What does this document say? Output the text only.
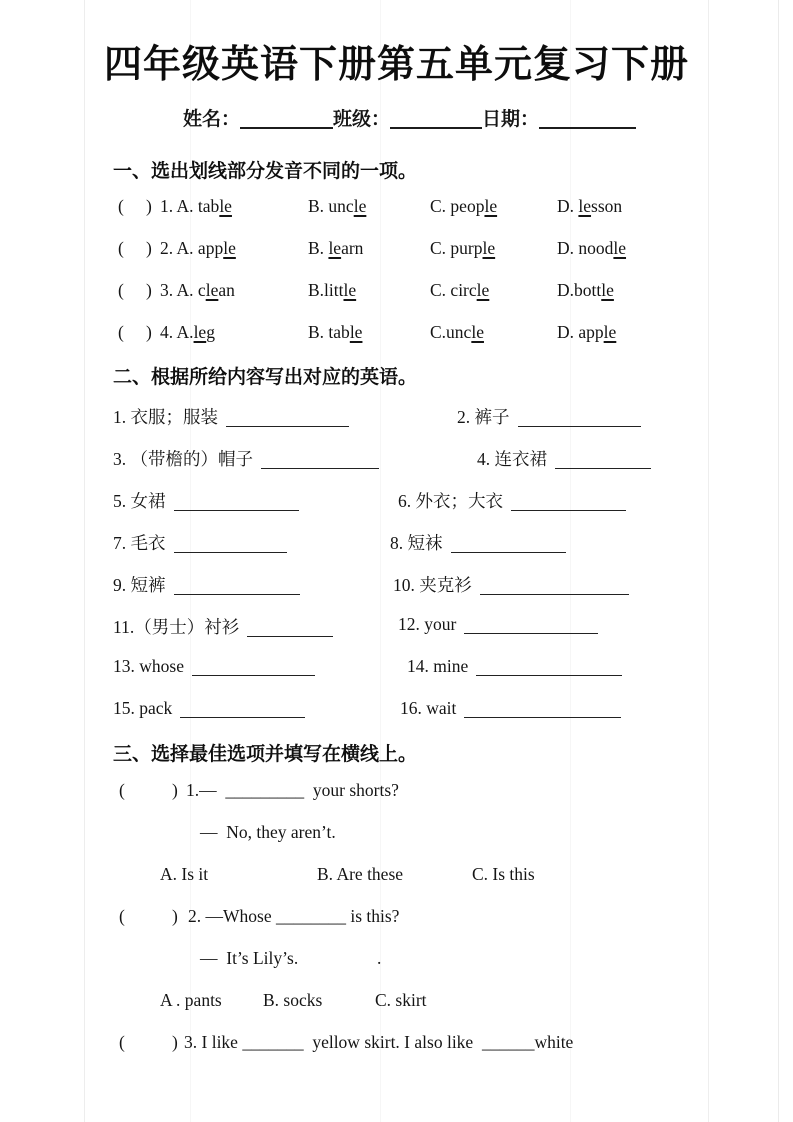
四年级英语下册第五单元复习下册
姓名：	班级：	日期：
一、选出划线部分发音不同的一项。
( ) 1. A. table	B. uncle	C. people	D. lesson
( ) 2. A. apple	B. learn	C. purple	D. noodle
( ) 3. A. clean	B.little	C. circle	D.bottle
( ) 4. A.leg	B. table	C.uncle	D. apple
二、根据所给内容写出对应的英语。
1. 衣服；服装	2. 裤子
3. （带檐的）帽子	4. 连衣裙
5. 女裙	6. 外衣；大衣
7. 毛衣	8. 短袜
9. 短裤	10. 夹克衫
11.（男士）衬衫	12. your
13. whose	14. mine
15. pack	16. wait
三、选择最佳选项并填写在横线上。
(	) 1.—  _________  your shorts?
—  No, they aren’t.
A. Is it	B. Are these	C. Is this
(	) 2. —Whose ________ is this?
—  It’s Lily’s.	.
A . pants B. socks	C. skirt
(	) 3. I like _______  yellow skirt. I also like  ______white
